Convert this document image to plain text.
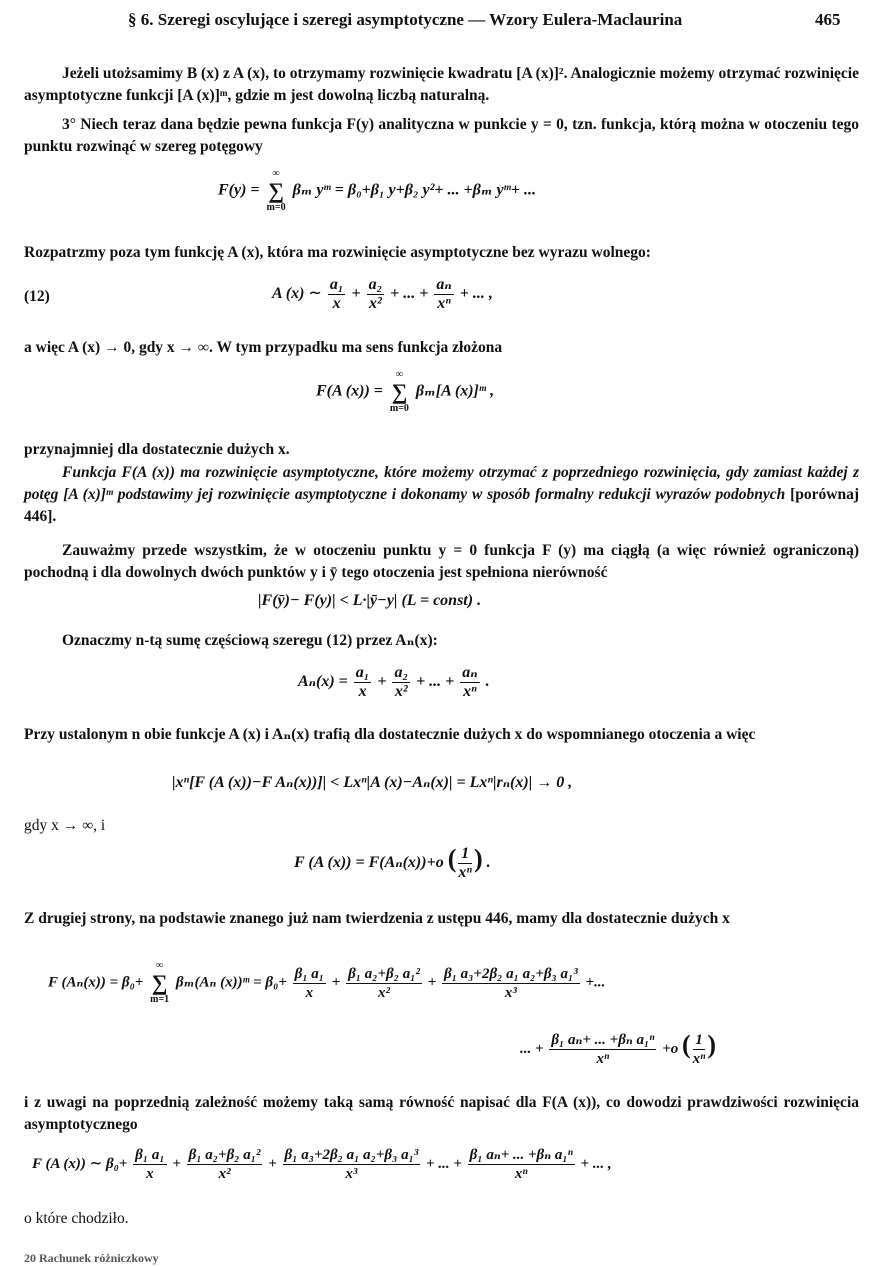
§ 6. Szeregi oscylujące i szeregi asymptotyczne — Wzory Eulera-Maclaurina	465
Jeżeli utożsamimy B (x) z A (x), to otrzymamy rozwinięcie kwadratu [A (x)]². Analogicznie możemy otrzymać rozwinięcie asymptotyczne funkcji [A (x)]ᵐ, gdzie m jest dowolną liczbą naturalną.
3° Niech teraz dana będzie pewna funkcja F(y) analityczna w punkcie y = 0, tzn. funkcja, którą można w otoczeniu tego punktu rozwinąć w szereg potęgowy
F(y) =
∞
∑
m=0
βₘ yᵐ = β₀+β₁ y+β₂ y²+ ... +βₘ yᵐ+ ...
Rozpatrzmy poza tym funkcję A (x), która ma rozwinięcie asymptotyczne bez wyrazu wolnego:
(12)	A (x) ∼ $\frac{\text{a₁}}{x} + \frac{\text{a₂}}{\text{x²}}$ + ... + $\frac{\text{aₙ}}{\text{xⁿ}}$ + ... ,
a więc A (x) → 0, gdy x → ∞. W tym przypadku ma sens funkcja złożona
F(A (x)) =
∞
∑
m=0
βₘ[A (x)]ᵐ ,
przynajmniej dla dostatecznie dużych x.
Funkcja F(A (x)) ma rozwinięcie asymptotyczne, które możemy otrzymać z poprzedniego rozwinięcia, gdy zamiast każdej z potęg [A (x)]ᵐ podstawimy jej rozwinięcie asymptotyczne i dokonamy w sposób formalny redukcji wyrazów podobnych [porównaj 446].
Zauważmy przede wszystkim, że w otoczeniu punktu y = 0 funkcja F (y) ma ciągłą (a więc również ograniczoną) pochodną i dla dowolnych dwóch punktów y i ȳ tego otoczenia jest spełniona nierówność
|F(ȳ)− F(y)| < L·|ȳ−y| (L = const) .
Oznaczmy n-tą sumę częściową szeregu (12) przez Aₙ(x):
$A_n(x) = \frac{\text{a₁}}{x} + \frac{\text{a₂}}{\text{x²}}$ + ... + $\frac{\text{aₙ}}{\text{xⁿ}}$ .
Przy ustalonym n obie funkcje A (x) i Aₙ(x) trafią dla dostatecznie dużych x do wspomnianego otoczenia a więc
|xⁿ[F (A (x))−F Aₙ(x))]| < Lxⁿ|A (x)−Aₙ(x)| = Lxⁿ|rₙ(x)| → 0 ,
gdy x → ∞, i
F (A (x)) = F(Aₙ(x))+o ( $\frac{1}{\text{xⁿ}}$ ) .
Z drugiej strony, na podstawie znanego już nam twierdzenia z ustępu 446, mamy dla dostatecznie dużych x
F (Aₙ(x)) = β₀+
∞
∑
m=1
βₘ(Aₙ (x))ᵐ = $\beta_0+ \frac{\text{β₁ a₁}}{x} + \frac{\text{β₁ a₂+β₂ a₁²}}{\text{x²}} + \frac{\text{β₁ a₃+2β₂ a₁ a₂+β₃ a₁³}}{\text{x³}}$ +...
... + $\frac{\text{β₁ aₙ+ ... +βₙ a₁ⁿ}}{\text{xⁿ}} +o$ ( $\frac{1}{\text{xⁿ}}$ )
i z uwagi na poprzednią zależność możemy taką samą równość napisać dla F(A (x)), co dowodzi prawdziwości rozwinięcia asymptotycznego
F (A (x)) ∼ $\beta_0+ \frac{\text{β₁ a₁}}{x} + \frac{\text{β₁ a₂+β₂ a₁²}}{\text{x²}} + \frac{\text{β₁ a₃+2β₂ a₁ a₂+β₃ a₁³}}{\text{x³}}$ + ... + $\frac{\text{β₁ aₙ+ ... +βₙ a₁ⁿ}}{\text{xⁿ}}$ + ... ,
o które chodziło.
20 Rachunek różniczkowy
